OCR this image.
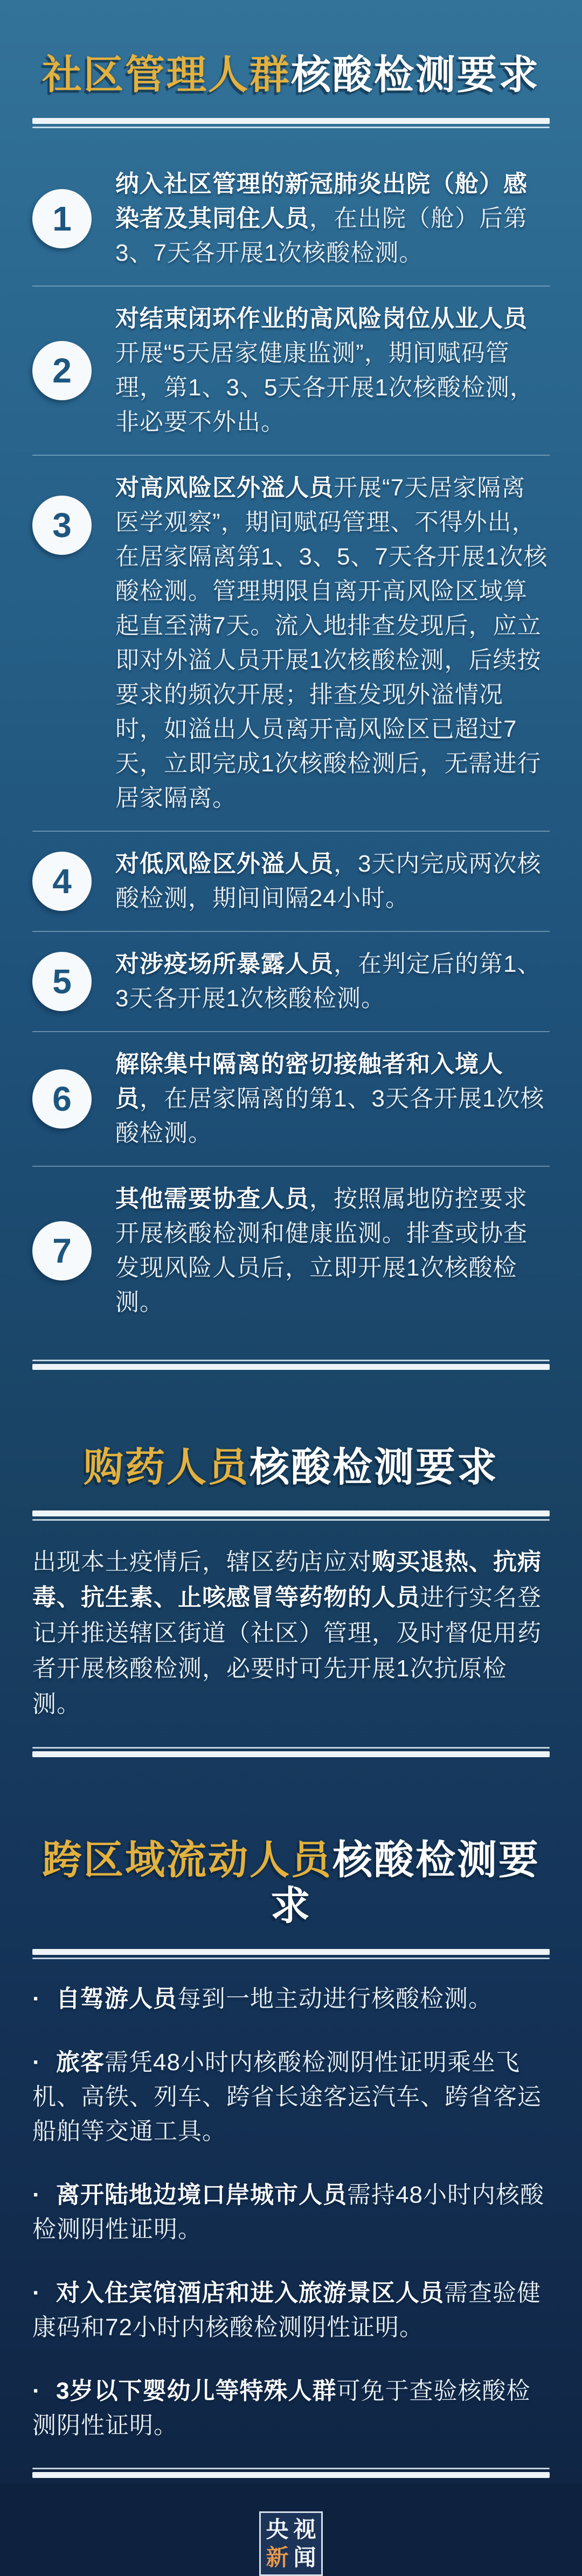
社区管理人群核酸检测要求
1

纳入社区管理的新冠肺炎出院（舱）感染者及其同住人员，在出院（舱）后第3、7天各开展1次核酸检测。

2

对结束闭环作业的高风险岗位从业人员开展“5天居家健康监测”，期间赋码管理，第1、3、5天各开展1次核酸检测，非必要不外出。

3

对高风险区外溢人员开展“7天居家隔离医学观察”，期间赋码管理、不得外出，在居家隔离第1、3、5、7天各开展1次核酸检测。管理期限自离开高风险区域算起直至满7天。流入地排查发现后，应立即对外溢人员开展1次核酸检测，后续按要求的频次开展；排查发现外溢情况时，如溢出人员离开高风险区已超过7天，立即完成1次核酸检测后，无需进行居家隔离。

4 对低风险区外溢人员，3天内完成两次核酸检测，期间间隔24小时。

5 对涉疫场所暴露人员，在判定后的第1、3天各开展1次核酸检测。

6

解除集中隔离的密切接触者和入境人员，在居家隔离的第1、3天各开展1次核酸检测。

7

其他需要协查人员，按照属地防控要求开展核酸检测和健康监测。排查或协查发现风险人员后，立即开展1次核酸检测。

购药人员核酸检测要求

出现本土疫情后，辖区药店应对购买退热、抗病毒、抗生素、止咳感冒等药物的人员进行实名登记并推送辖区街道（社区）管理，及时督促用药者开展核酸检测，必要时可先开展1次抗原检测。

跨区域流动人员核酸检测要求

· 自驾游人员每到一地主动进行核酸检测。

· 旅客需凭48小时内核酸检测阴性证明乘坐飞机、高铁、列车、跨省长途客运汽车、跨省客运船舶等交通工具。

· 离开陆地边境口岸城市人员需持48小时内核酸检测阴性证明。

· 对入住宾馆酒店和进入旅游景区人员需查验健康码和72小时内核酸检测阴性证明。

· 3岁以下婴幼儿等特殊人群可免于查验核酸检测阴性证明。

央 视
新 闻
